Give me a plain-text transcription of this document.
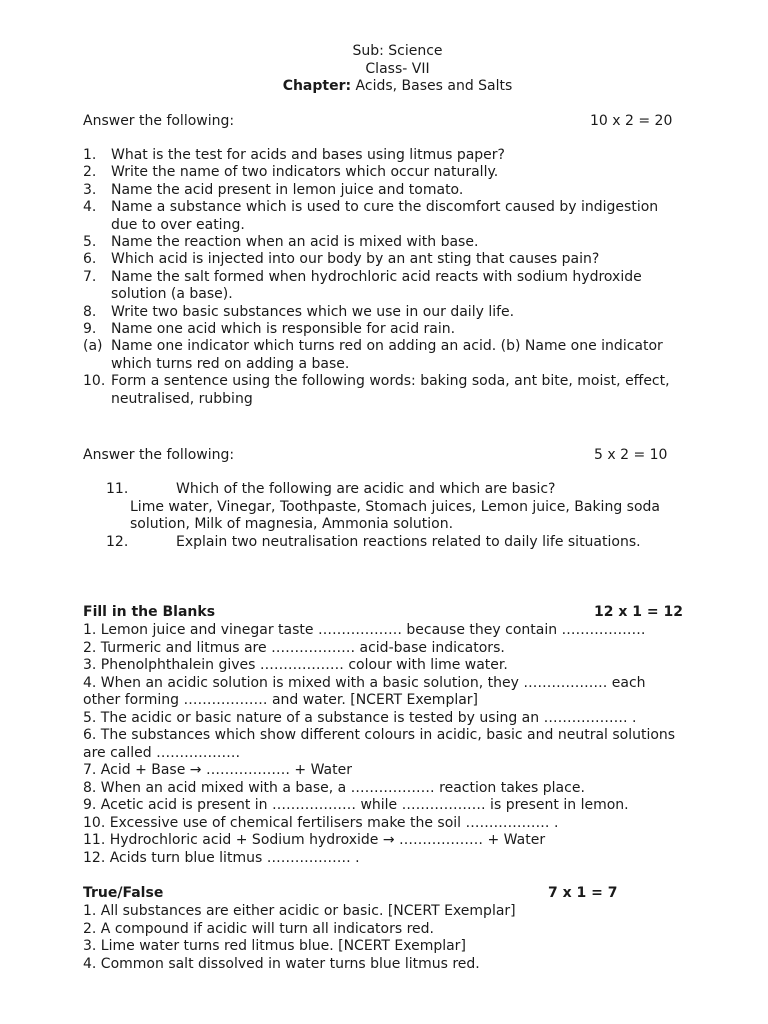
Sub: Science
Class- VII
Chapter: Acids, Bases and Salts
Answer the following:	10 x 2 = 20
1. What is the test for acids and bases using litmus paper?
2. Write the name of two indicators which occur naturally.
3. Name the acid present in lemon juice and tomato.
4. Name a substance which is used to cure the discomfort caused by indigestion
due to over eating.
5. Name the reaction when an acid is mixed with base.
6. Which acid is injected into our body by an ant sting that causes pain?
7. Name the salt formed when hydrochloric acid reacts with sodium hydroxide
solution (a base).
8. Write two basic substances which we use in our daily life.
9. Name one acid which is responsible for acid rain.
(a) Name one indicator which turns red on adding an acid. (b) Name one indicator
which turns red on adding a base.
10. Form a sentence using the following words: baking soda, ant bite, moist, effect,
neutralised, rubbing
Answer the following:	5 x 2 = 10
11.	Which of the following are acidic and which are basic?
Lime water, Vinegar, Toothpaste, Stomach juices, Lemon juice, Baking soda
solution, Milk of magnesia, Ammonia solution.
12.	Explain two neutralisation reactions related to daily life situations.
Fill in the Blanks	12 x 1 = 12
1. Lemon juice and vinegar taste ……………… because they contain ………………
2. Turmeric and litmus are ……………… acid-base indicators.
3. Phenolphthalein gives ……………… colour with lime water.
4. When an acidic solution is mixed with a basic solution, they ……………… each
other forming ……………… and water. [NCERT Exemplar]
5. The acidic or basic nature of a substance is tested by using an ……………… .
6. The substances which show different colours in acidic, basic and neutral solutions
are called ………………
7. Acid + Base → ……………… + Water
8. When an acid mixed with a base, a ……………… reaction takes place.
9. Acetic acid is present in ……………… while ……………… is present in lemon.
10. Excessive use of chemical fertilisers make the soil ……………… .
11. Hydrochloric acid + Sodium hydroxide → ……………… + Water
12. Acids turn blue litmus ……………… .
True/False	7 x 1 = 7
1. All substances are either acidic or basic. [NCERT Exemplar]
2. A compound if acidic will turn all indicators red.
3. Lime water turns red litmus blue. [NCERT Exemplar]
4. Common salt dissolved in water turns blue litmus red.
